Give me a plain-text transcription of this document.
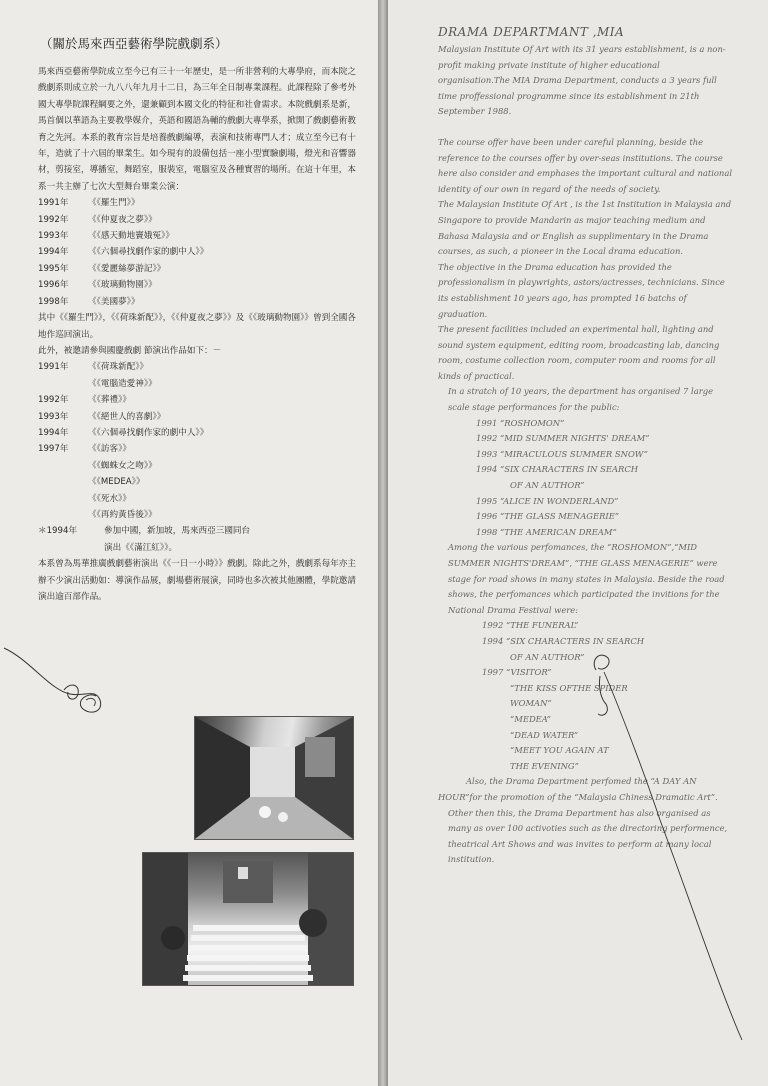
（關於馬來西亞藝術學院戲劇系）

馬來西亞藝術學院成立至今已有三十一年歷史，是一所非營利的大專學府，而本院之戲劇系則成立於一九八八年九月十二日，為三年全日制專業課程。此課程除了參考外國大專學院課程綱要之外，還兼顧到本國文化的特征和社會需求。本院戲劇系是新，馬首個以華語為主要教學媒介，英語和國語為輔的戲劇大專學系，掀開了戲劇藝術教育之先河。本系的教育宗旨是培養戲劇編導，表演和技術專門人才；成立至今已有十年，造就了十六屆的畢業生。如今現有的設備包括一座小型實驗劇場，燈光和音響器材，剪接室，導播室，舞蹈室，服裝室，電腦室及各種實習的場所。在這十年里，本系一共主辦了七次大型舞台畢業公演：

1991年	《《羅生門》》
1992年	《《仲夏夜之夢》》
1993年	《《感天動地竇娥冤》》
1994年	《《六個尋找劇作家的劇中人》》
1995年	《《愛麗絲夢游記》》
1996年	《《玻璃動物園》》
1998年	《《美國夢》》

其中《《羅生門》》，《《荷珠新配》》，《《仲夏夜之夢》》及《《玻璃動物園》》曾到全國各地作巡回演出。

此外，被邀請參與國慶戲劇 節演出作品如下：－

1991年	《《荷珠新配》》
《《電腦造愛神》》
1992年	《《葬禮》》
1993年	《《絕世人的喜劇》》
1994年	《《六個尋找劇作家的劇中人》》
1997年	《《訪客》》
《《蜘蛛女之吻》》
《《MEDEA》》
《《死水》》
《《再約黃昏後》》
＊1994年	參加中國，新加坡，馬來西亞三國同台
演出《《滿江紅》》。

本系曾為馬華推廣戲劇藝術演出《《一日一小時》》戲劇。除此之外，戲劇系每年亦主辦不少演出活動如：導演作品展，劇場藝術展演，同時也多次被其他團體，學院邀請演出逾百部作品。

DRAMA DEPARTMANT ,MIA

Malaysian Institute Of Art with its 31 years establishment, is a non-profit making private institute of higher educational organisation.The MIA Drama Department, conducts a 3 years full time proffessional programme since its establishment in 21th September 1988.

The course offer have been under careful planning, beside the reference to the courses offer by over-seas institutions. The course here also consider and emphases the important cultural and national identity of our own in regard of the needs of society.

The Malaysian Institute Of Art , is the 1st Institution in Malaysia and Singapore to provide Mandarin as major teaching medium and Bahasa Malaysia and or English as supplimentary in the Drama courses, as such, a pioneer in the Local drama education.

The objective in the Drama education has provided the professionalism in playwrights, astors/actresses, technicians. Since its establishment 10 years ago, has prompted 16 batchs of graduation.

The present facilities included an experimental hall, lighting and sound system equipment, editing room, broadcasting lab, dancing room, costume collection room, computer room and rooms for all kinds of practical.

In a stratch of 10 years, the department has organised 7 large scale stage performances for the public:

1991 “ROSHOMON”

1992 “MID SUMMER NIGHTS' DREAM”

1993 “MIRACULOUS SUMMER SNOW”

1994 “SIX CHARACTERS IN SEARCH

OF AN AUTHOR”

1995 “ALICE IN WONDERLAND”

1996 “THE GLASS MENAGERIE”

1998 “THE AMERICAN DREAM”

Among the various perfomances, the “ROSHOMON”,“MID SUMMER NIGHTS'DREAM”, “THE GLASS MENAGERIE” were stage for road shows in many states in Malaysia. Beside the road shows, the perfomances which participated the invitions for the National Drama Festival were:

1992 “THE FUNERAL”

1994 “SIX CHARACTERS IN SEARCH

OF AN AUTHOR”

1997 “VISITOR”

“THE KISS OFTHE SPIDER

WOMAN”

“MEDEA”

“DEAD WATER”

“MEET YOU AGAIN AT

THE EVENING”

Also, the Drama Department perfomed the “A DAY AN HOUR”for the promotion of the “Malaysia Chiness Dramatic Art”.

Other then this, the Drama Department has also organised as many as over 100 activoties such as the directoring performence, theatrical Art Shows and was invites to perform at many local institution.
